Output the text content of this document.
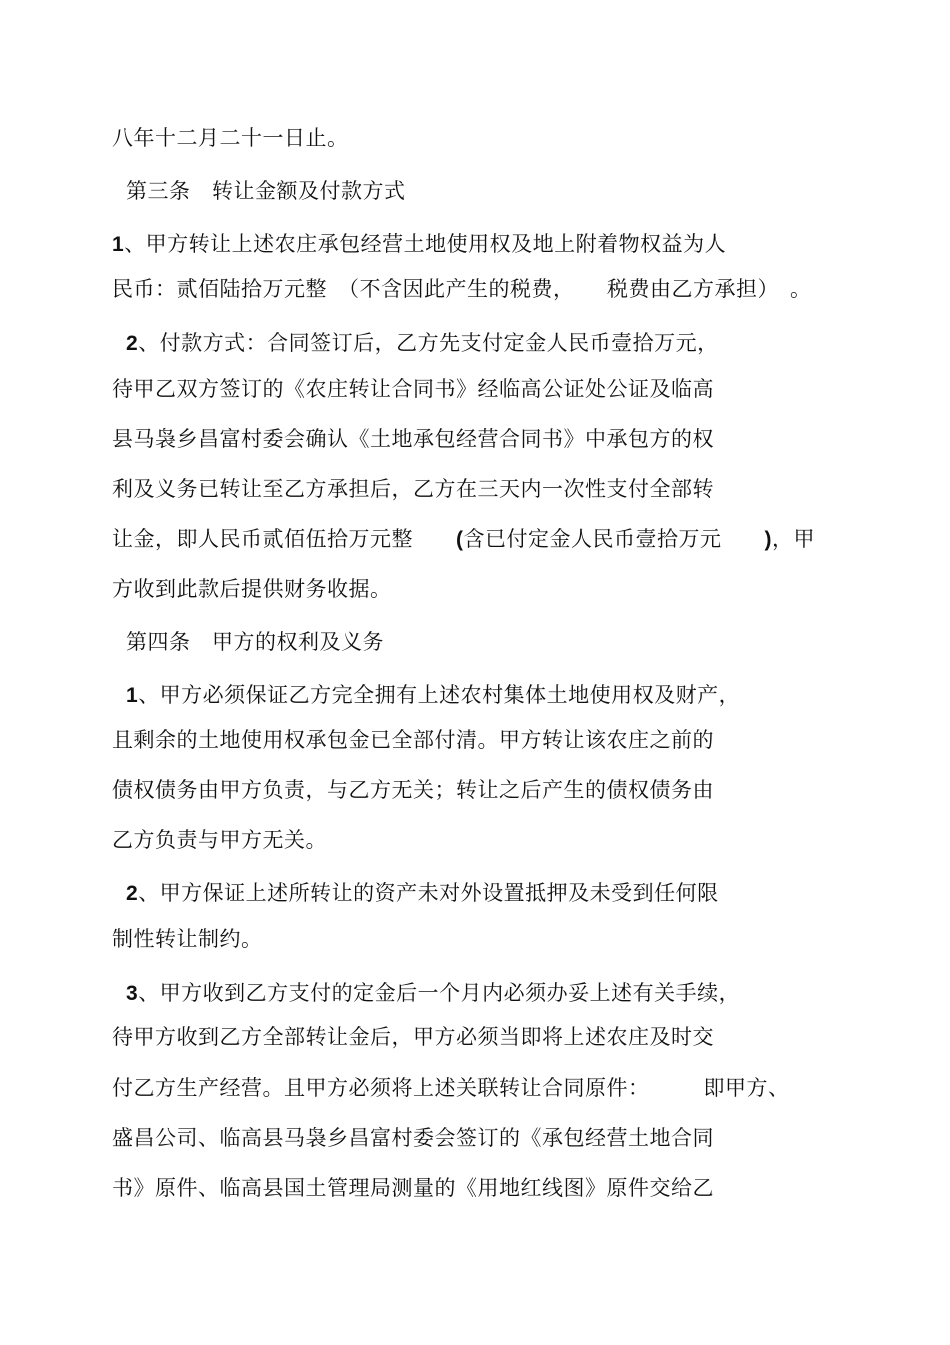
八年十二月二十一日止。
第三条　转让金额及付款方式
1、甲方转让上述农庄承包经营土地使用权及地上附着物权益为人
民币：贰佰陆拾万元整　（不含因此产生的税费，　　税费由乙方承担）　。
2、付款方式：合同签订后，乙方先支付定金人民币壹拾万元，
待甲乙双方签订的《农庄转让合同书》经临高公证处公证及临高
县马袅乡昌富村委会确认《土地承包经营合同书》中承包方的权
利及义务已转让至乙方承担后，乙方在三天内一次性支付全部转
让金，即人民币贰佰伍拾万元整　　(含已付定金人民币壹拾万元　　)，甲
方收到此款后提供财务收据。
第四条　甲方的权利及义务
1、甲方必须保证乙方完全拥有上述农村集体土地使用权及财产，
且剩余的土地使用权承包金已全部付清。甲方转让该农庄之前的
债权债务由甲方负责，与乙方无关；转让之后产生的债权债务由
乙方负责与甲方无关。
2、甲方保证上述所转让的资产未对外设置抵押及未受到任何限
制性转让制约。
3、甲方收到乙方支付的定金后一个月内必须办妥上述有关手续，
待甲方收到乙方全部转让金后，甲方必须当即将上述农庄及时交
付乙方生产经营。且甲方必须将上述关联转让合同原件：　　　即甲方、
盛昌公司、临高县马袅乡昌富村委会签订的《承包经营土地合同
书》原件、临高县国土管理局测量的《用地红线图》原件交给乙
